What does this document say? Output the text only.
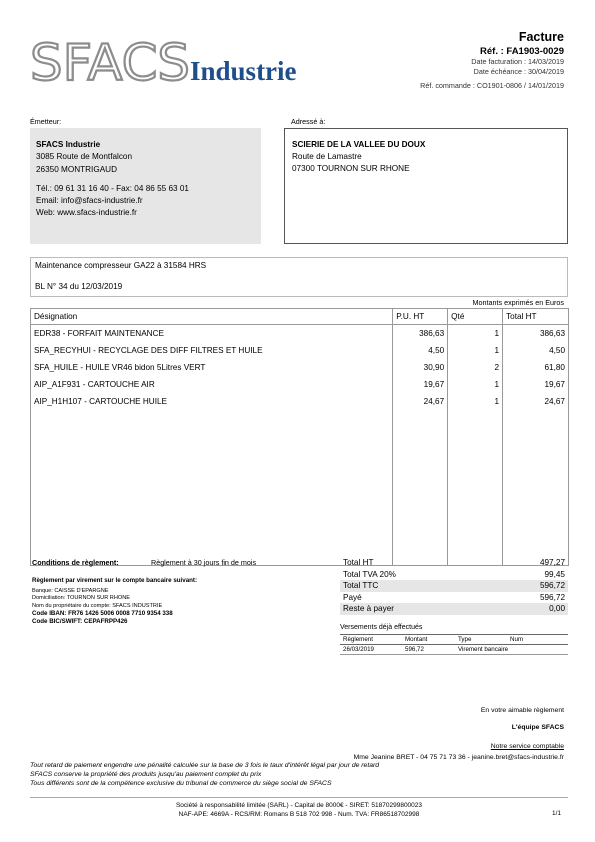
SFACS Industrie
Facture
Réf. : FA1903-0029
Date facturation : 14/03/2019
Date échéance : 30/04/2019
Réf. commande : CO1901-0806 / 14/01/2019
Émetteur:	Adressé à:
SFACS Industrie
3085 Route de Montfalcon
26350 MONTRIGAUD
Tél.: 09 61 31 16 40 - Fax: 04 86 55 63 01
Email: info@sfacs-industrie.fr
Web: www.sfacs-industrie.fr
SCIERIE DE LA VALLEE DU DOUX
Route de Lamastre
07300 TOURNON SUR RHONE
Maintenance compresseur GA22 à 31584 HRS
BL N° 34 du 12/03/2019
Montants exprimés en Euros
Désignation	P.U. HT	Qté	Total HT
EDR38 - FORFAIT MAINTENANCE	386,63	1	386,63
SFA_RECYHUI - RECYCLAGE DES DIFF FILTRES ET HUILE	4,50	1	4,50
SFA_HUILE - HUILE VR46 bidon 5Litres VERT	30,90	2	61,80
AIP_A1F931 - CARTOUCHE AIR	19,67	1	19,67
AIP_H1H107 - CARTOUCHE HUILE	24,67	1	24,67

Conditions de règlement:	Règlement à 30 jours fin de mois
Règlement par virement sur le compte bancaire suivant:
Banque: CAISSE D'EPARGNE
Domiciliation: TOURNON SUR RHONE
Nom du propriétaire du compte: SFACS INDUSTRIE
Code IBAN: FR76 1426 5006 0008 7710 9354 338
Code BIC/SWIFT: CEPAFRPP426
Total HT	497,27
Total TVA 20%	99,45
Total TTC	596,72
Payé	596,72
Reste à payer	0,00
Versements déjà effectués
Règlement	Montant	Type	Num
26/03/2019	596,72	Virement bancaire
En votre aimable règlement
L'équipe SFACS
Notre service comptable
Mme Jeanine BRET - 04 75 71 73 36 - jeanine.bret@sfacs-industrie.fr
Tout retard de paiement engendre une pénalité calculée sur la base de 3 fois le taux d'intérêt légal par jour de retard
SFACS conserve la propriété des produits jusqu'au paiement complet du prix
Tous différents sont de la compétence exclusive du tribunal de commerce du siège social de SFACS
Société à responsabilité limitée (SARL) - Capital de 8000€ - SIRET: 51870299800023
NAF-APE: 4669A - RCS/RM: Romans B 518 702 998 - Num. TVA: FR86518702998	1/1
